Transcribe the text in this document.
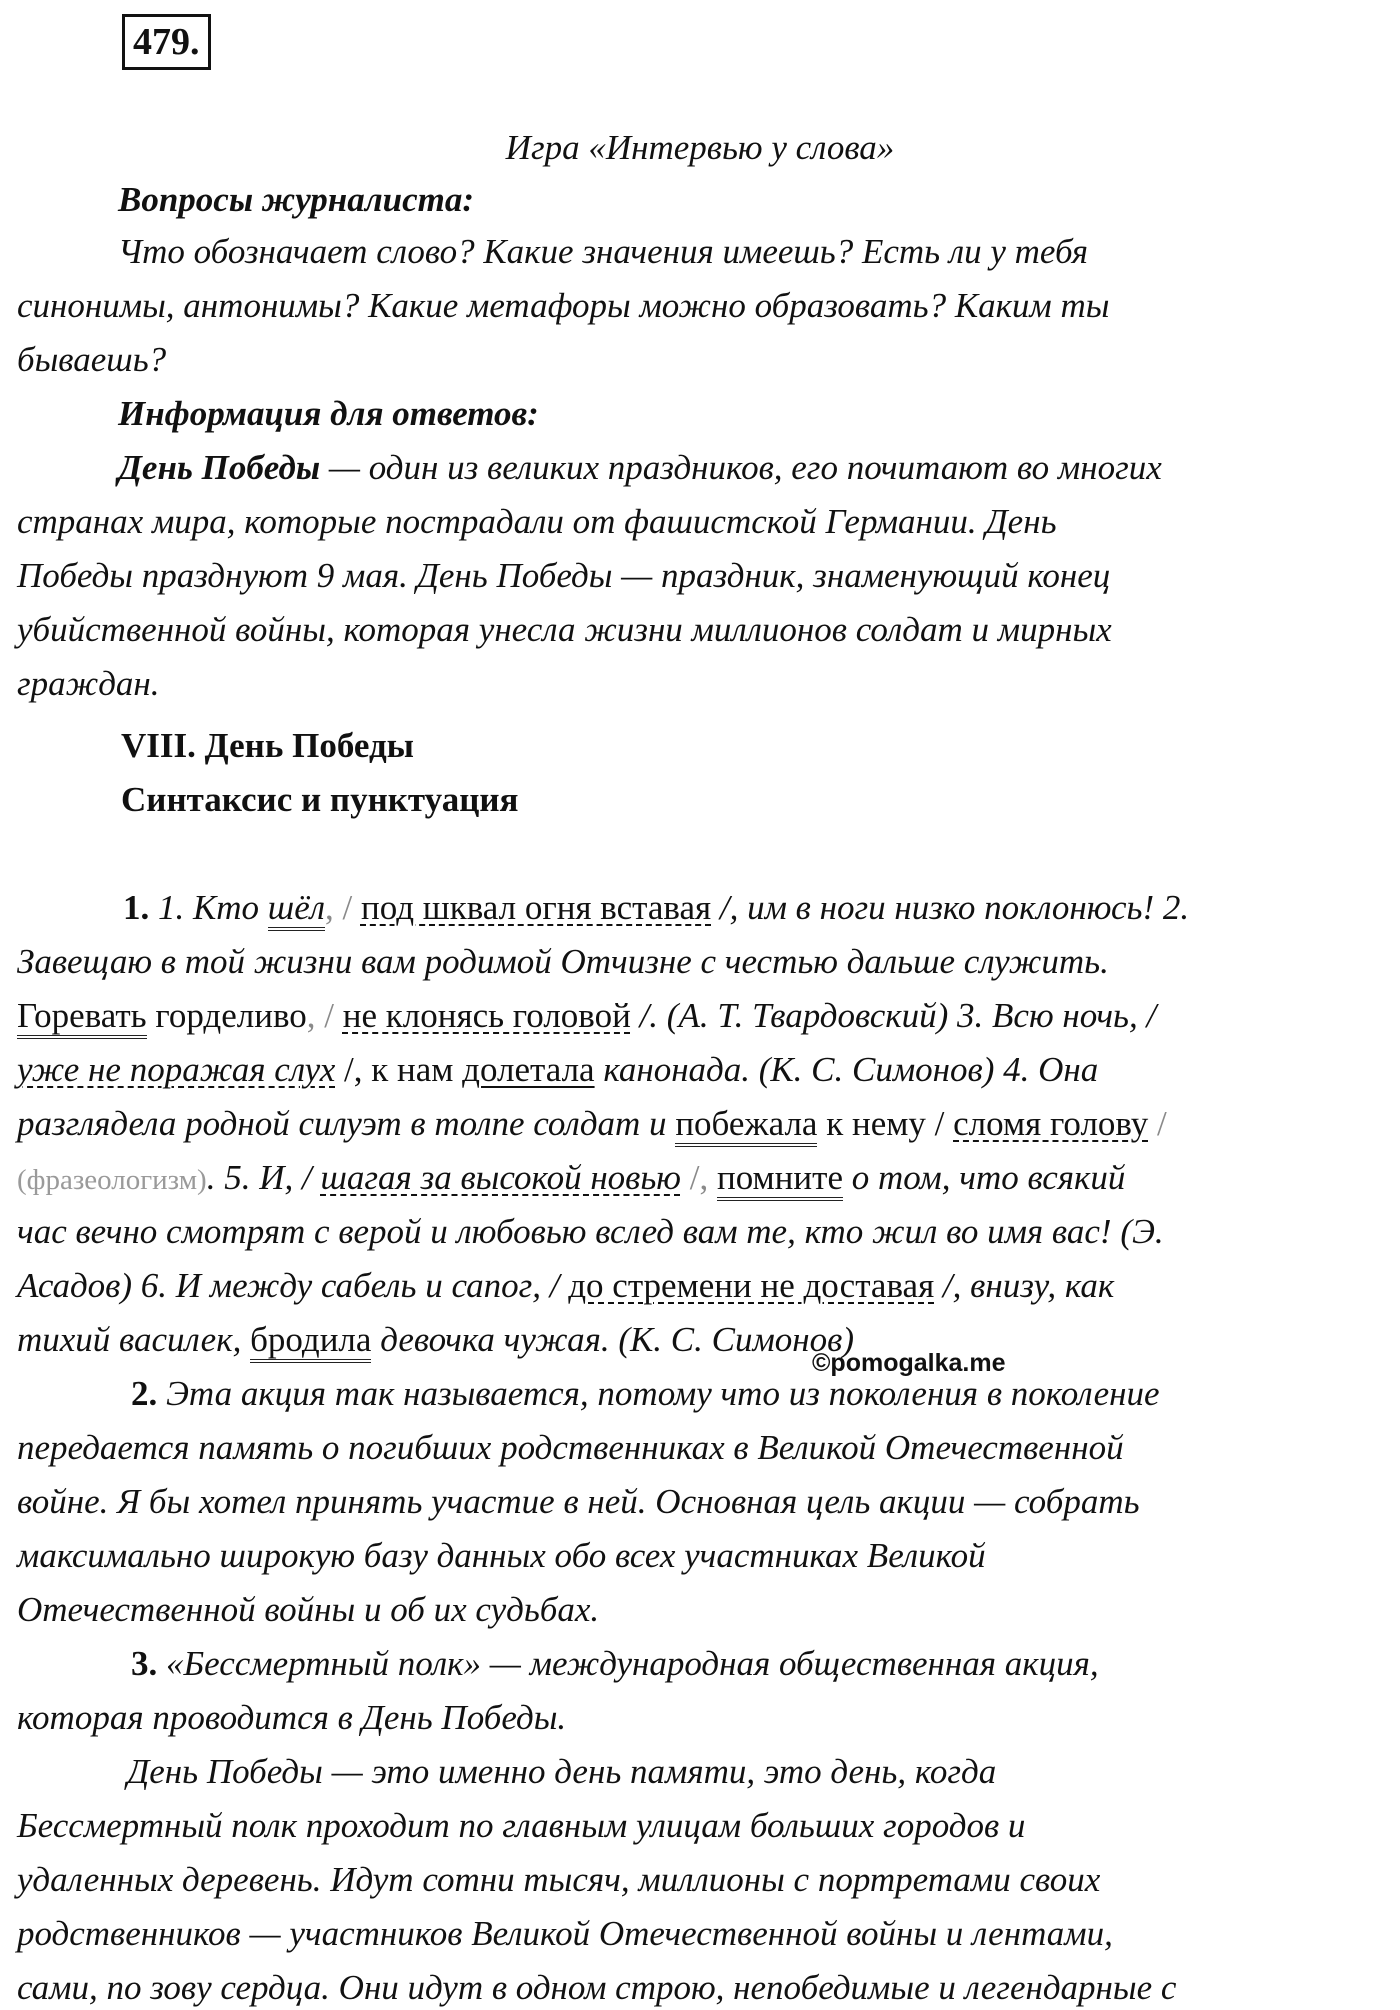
479.
Игра «Интервью у слова»
Вопросы журналиста:
Что обозначает слово? Какие значения имеешь? Есть ли у тебя
синонимы, антонимы? Какие метафоры можно образовать? Каким ты
бываешь?
Информация для ответов:
День Победы — один из великих праздников, его почитают во многих
странах мира, которые пострадали от фашистской Германии. День
Победы празднуют 9 мая. День Победы — праздник, знаменующий конец
убийственной войны, которая унесла жизни миллионов солдат и мирных
граждан.
VIII. День Победы
Синтаксис и пунктуация
1. 1. Кто шёл, / под шквал огня вставая /, им в ноги низко поклонюсь! 2.
Завещаю в той жизни вам родимой Отчизне с честью дальше служить.
Горевать горделиво, / не клонясь головой /. (А. Т. Твардовский) 3. Всю ночь, /
уже не поражая слух /, к нам долетала канонада. (К. С. Симонов) 4. Она
разглядела родной силуэт в толпе солдат и побежала к нему / сломя голову /
(фразеологизм). 5. И, / шагая за высокой новью /, помните о том, что всякий
час вечно смотрят с верой и любовью вслед вам те, кто жил во имя вас! (Э.
Асадов) 6. И между сабель и сапог, / до стремени не доставая /, внизу, как
тихий василек, бродила девочка чужая. (К. С. Симонов)
©pomogalka.me
2. Эта акция так называется, потому что из поколения в поколение
передается память о погибших родственниках в Великой Отечественной
войне. Я бы хотел принять участие в ней. Основная цель акции — собрать
максимально широкую базу данных обо всех участниках Великой
Отечественной войны и об их судьбах.
3. «Бессмертный полк» — международная общественная акция,
которая проводится в День Победы.
День Победы — это именно день памяти, это день, когда
Бессмертный полк проходит по главным улицам больших городов и
удаленных деревень. Идут сотни тысяч, миллионы с портретами своих
родственников — участников Великой Отечественной войны и лентами,
сами, по зову сердца. Они идут в одном строю, непобедимые и легендарные с
